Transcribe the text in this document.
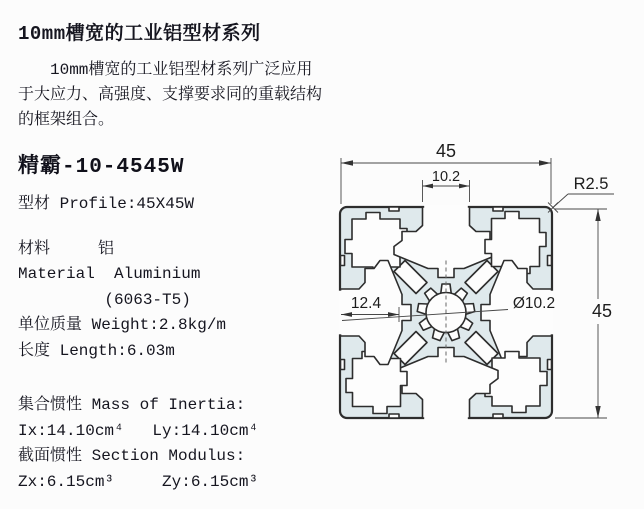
10mm槽宽的工业铝型材系列

10mm槽宽的工业铝型材系列广泛应用于大应力、高强度、支撑要求同的重载结构的框架组合。

精霸-10-4545W
型材 Profile:45X45W
材料　　　铝
Material  Aluminium
(6063-T5)
单位质量 Weight:2.8kg/m
长度 Length:6.03m
集合惯性 Mass of Inertia:
Ix:14.10cm⁴   Ly:14.10cm⁴
截面惯性 Section Modulus:
Zx:6.15cm³     Zy:6.15cm³
45
10.2	R2.5
45
12.4	Ø10.2
